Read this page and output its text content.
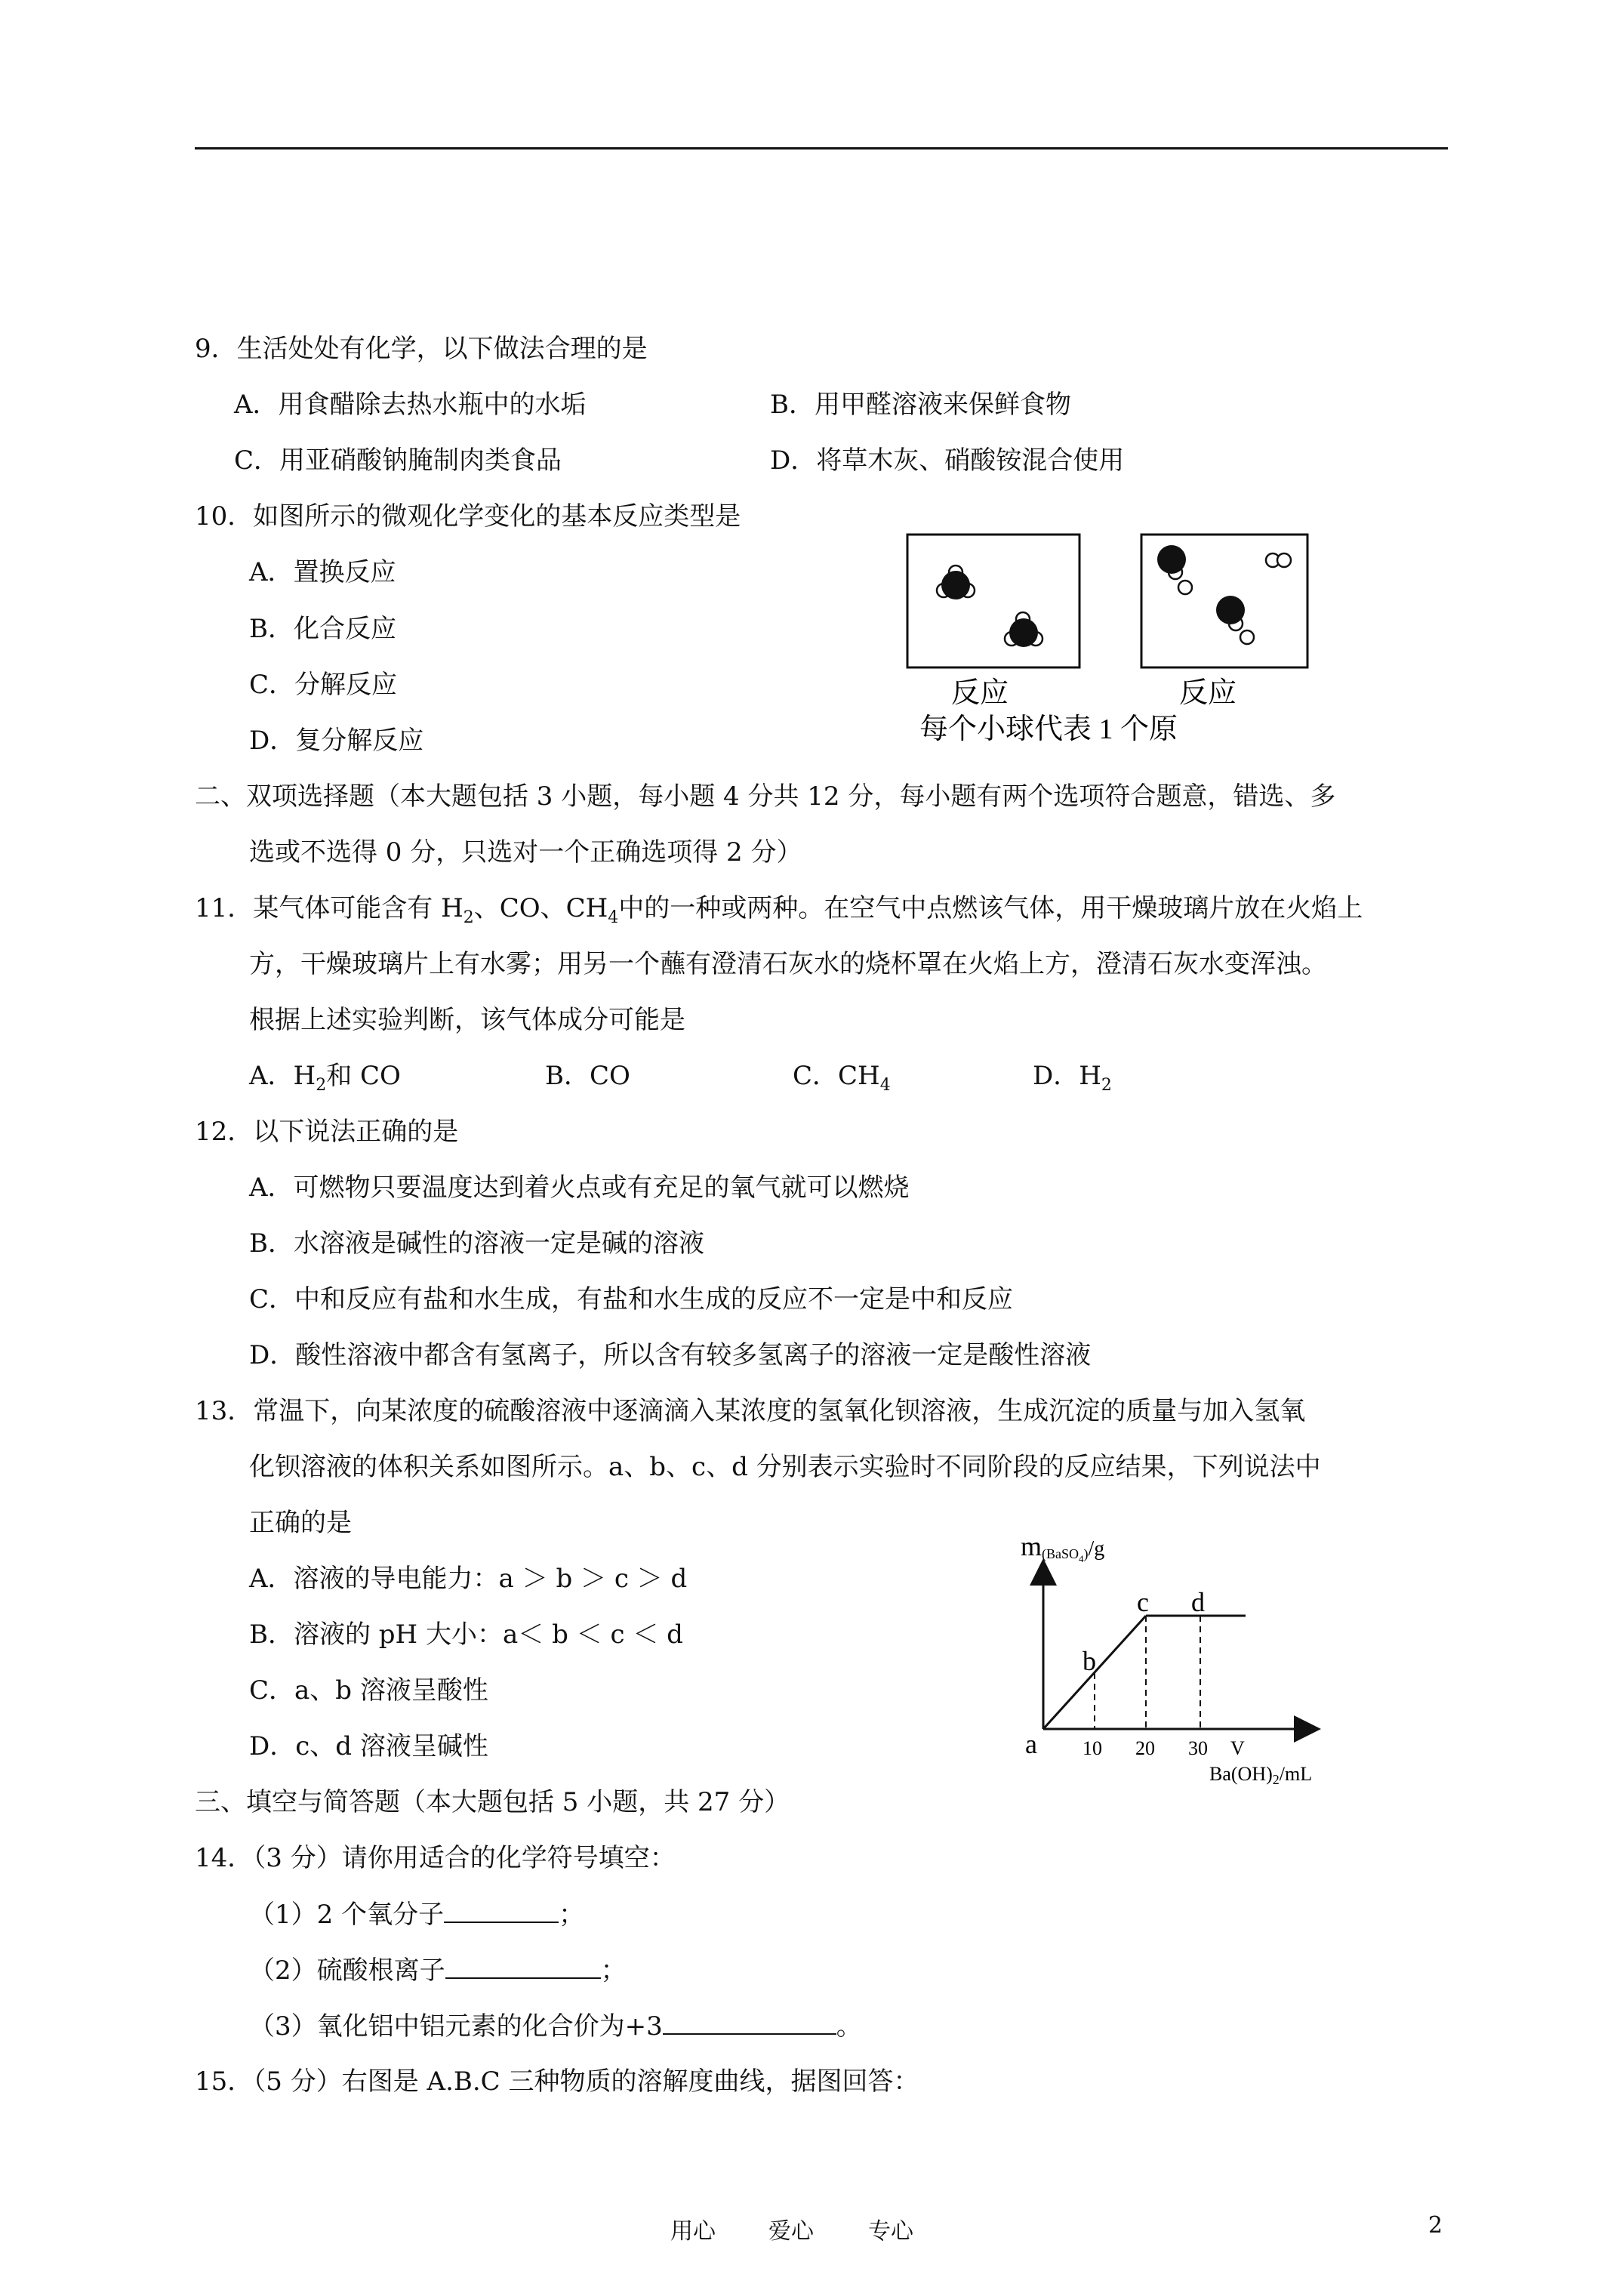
9．生活处处有化学，以下做法合理的是
A．用食醋除去热水瓶中的水垢	B．用甲醛溶液来保鲜食物
C．用亚硝酸钠腌制肉类食品	D．将草木灰、硝酸铵混合使用
10．如图所示的微观化学变化的基本反应类型是
A．置换反应
B．化合反应
C．分解反应
D．复分解反应
反应	反应
每个小球代表 1 个原
二、双项选择题（本大题包括 3 小题，每小题 4 分共 12 分，每小题有两个选项符合题意，错选、多
选或不选得 0 分，只选对一个正确选项得 2 分）
11．某气体可能含有 $H_2$、CO、$CH_4$中的一种或两种。在空气中点燃该气体，用干燥玻璃片放在火焰上
方，干燥玻璃片上有水雾；用另一个蘸有澄清石灰水的烧杯罩在火焰上方，澄清石灰水变浑浊。
根据上述实验判断，该气体成分可能是
A．$H_2$和 CO	B．CO	C．$CH_4$	D．$H_2$
12．以下说法正确的是
A．可燃物只要温度达到着火点或有充足的氧气就可以燃烧
B．水溶液是碱性的溶液一定是碱的溶液
C．中和反应有盐和水生成，有盐和水生成的反应不一定是中和反应
D．酸性溶液中都含有氢离子，所以含有较多氢离子的溶液一定是酸性溶液
13．常温下，向某浓度的硫酸溶液中逐滴滴入某浓度的氢氧化钡溶液，生成沉淀的质量与加入氢氧
化钡溶液的体积关系如图所示。a、b、c、d 分别表示实验时不同阶段的反应结果，下列说法中
正确的是
A．溶液的导电能力：a ＞ b ＞ c ＞ d
B．溶液的 pH 大小：a＜ b ＜ c ＜ d
C．a、b 溶液呈酸性
D．c、d 溶液呈碱性
m(BaSO4)/g
a
b
c d
10 20 30 V
Ba(OH)2/mL
三、填空与简答题（本大题包括 5 小题，共 27 分）
14．（3 分）请你用适合的化学符号填空：
（1）2 个氧分子	；
（2）硫酸根离子	；
（3）氧化铝中铝元素的化合价为+3	。
15．（5 分）右图是 A.B.C 三种物质的溶解度曲线，据图回答：
用心 爱心 专心	2
